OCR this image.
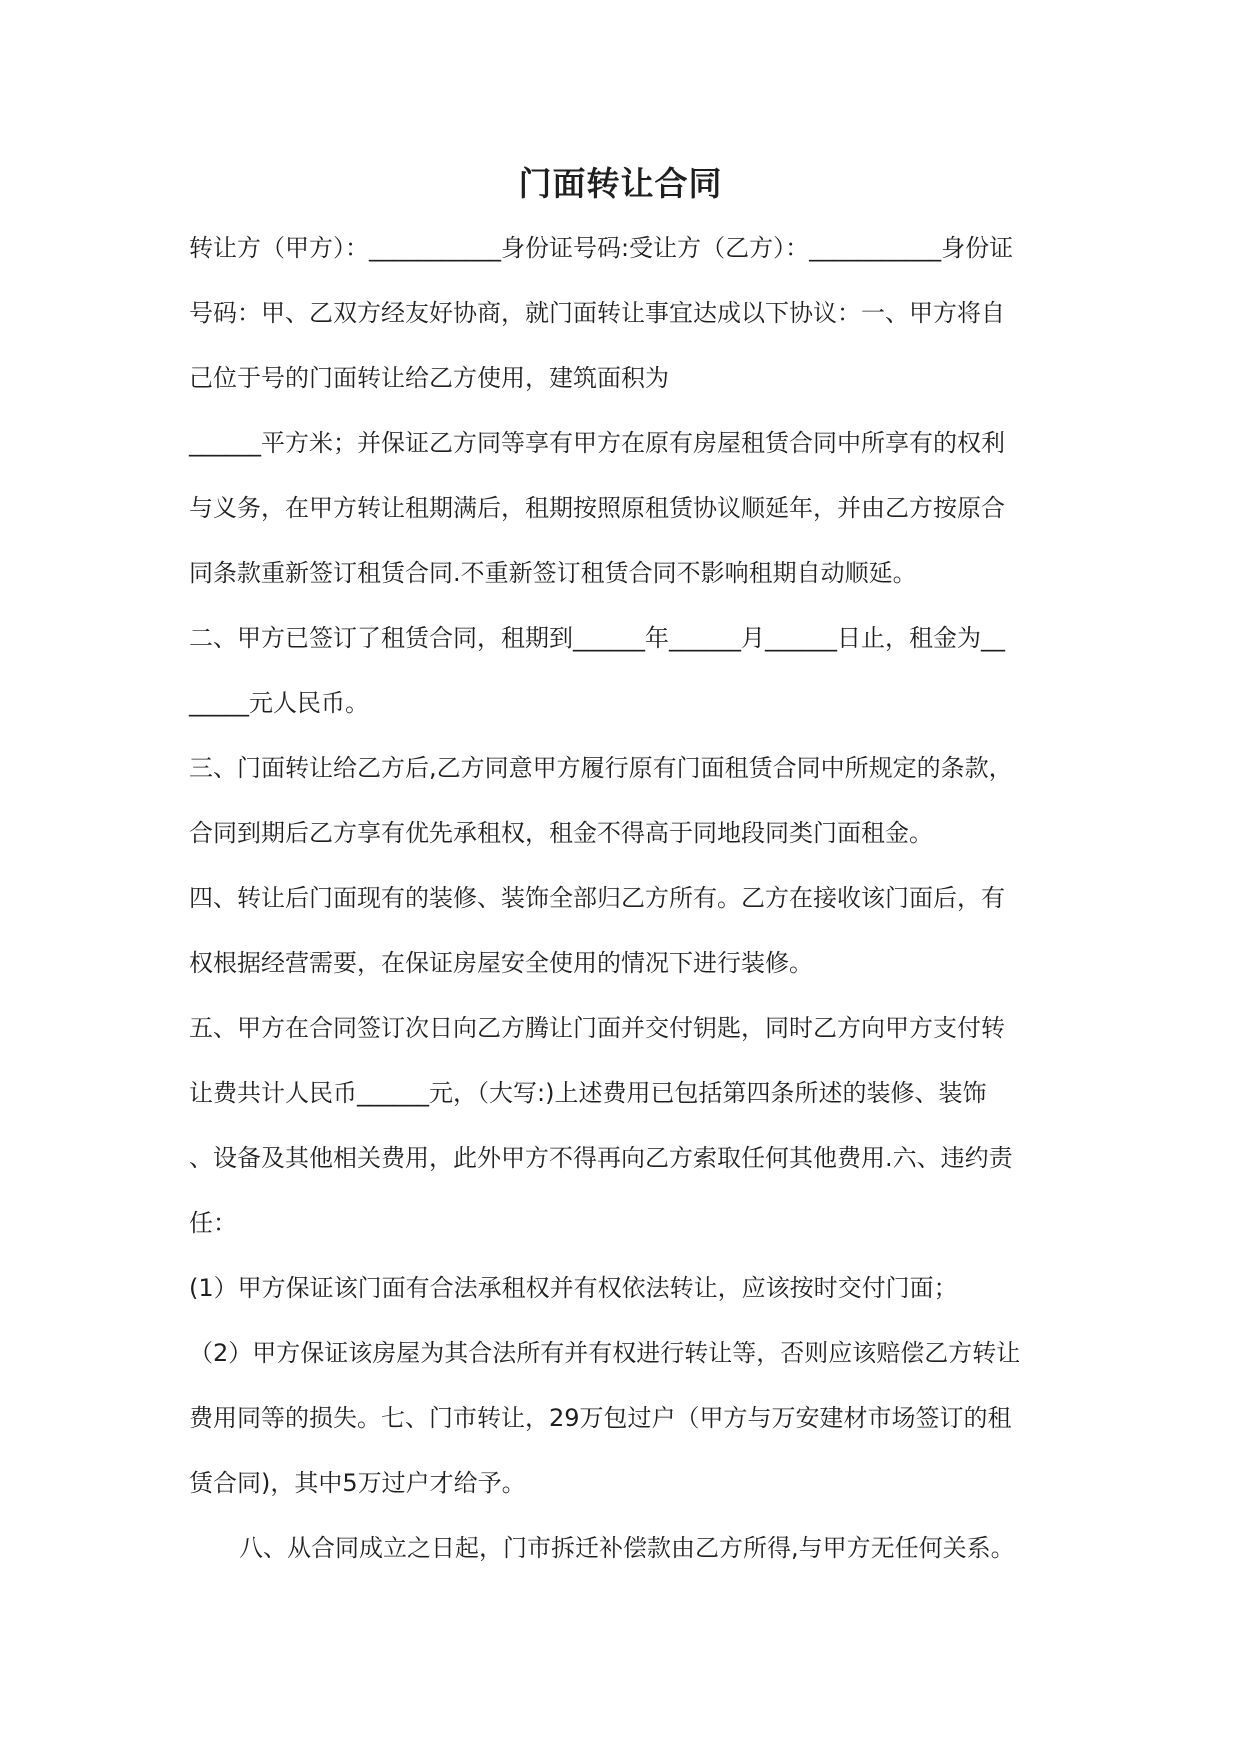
门面转让合同
转让方（甲方）：___________身份证号码:受让方（乙方）：___________身份证
号码：甲、乙双方经友好协商，就门面转让事宜达成以下协议：一、甲方将自
己位于号的门面转让给乙方使用，建筑面积为
______平方米；并保证乙方同等享有甲方在原有房屋租赁合同中所享有的权利
与义务，在甲方转让租期满后，租期按照原租赁协议顺延年，并由乙方按原合
同条款重新签订租赁合同.不重新签订租赁合同不影响租期自动顺延。
二、甲方已签订了租赁合同，租期到______年______月______日止，租金为__
_____元人民币。
三、门面转让给乙方后,乙方同意甲方履行原有门面租赁合同中所规定的条款，
合同到期后乙方享有优先承租权，租金不得高于同地段同类门面租金。
四、转让后门面现有的装修、装饰全部归乙方所有。乙方在接收该门面后，有
权根据经营需要，在保证房屋安全使用的情况下进行装修。
五、甲方在合同签订次日向乙方腾让门面并交付钥匙，同时乙方向甲方支付转
让费共计人民币______元，（大写:)上述费用已包括第四条所述的装修、装饰
、设备及其他相关费用，此外甲方不得再向乙方索取任何其他费用.六、违约责
任：
(1）甲方保证该门面有合法承租权并有权依法转让，应该按时交付门面；
（2）甲方保证该房屋为其合法所有并有权进行转让等，否则应该赔偿乙方转让
费用同等的损失。七、门市转让，29万包过户（甲方与万安建材市场签订的租
赁合同)，其中5万过户才给予。
八、从合同成立之日起，门市拆迁补偿款由乙方所得,与甲方无任何关系。
